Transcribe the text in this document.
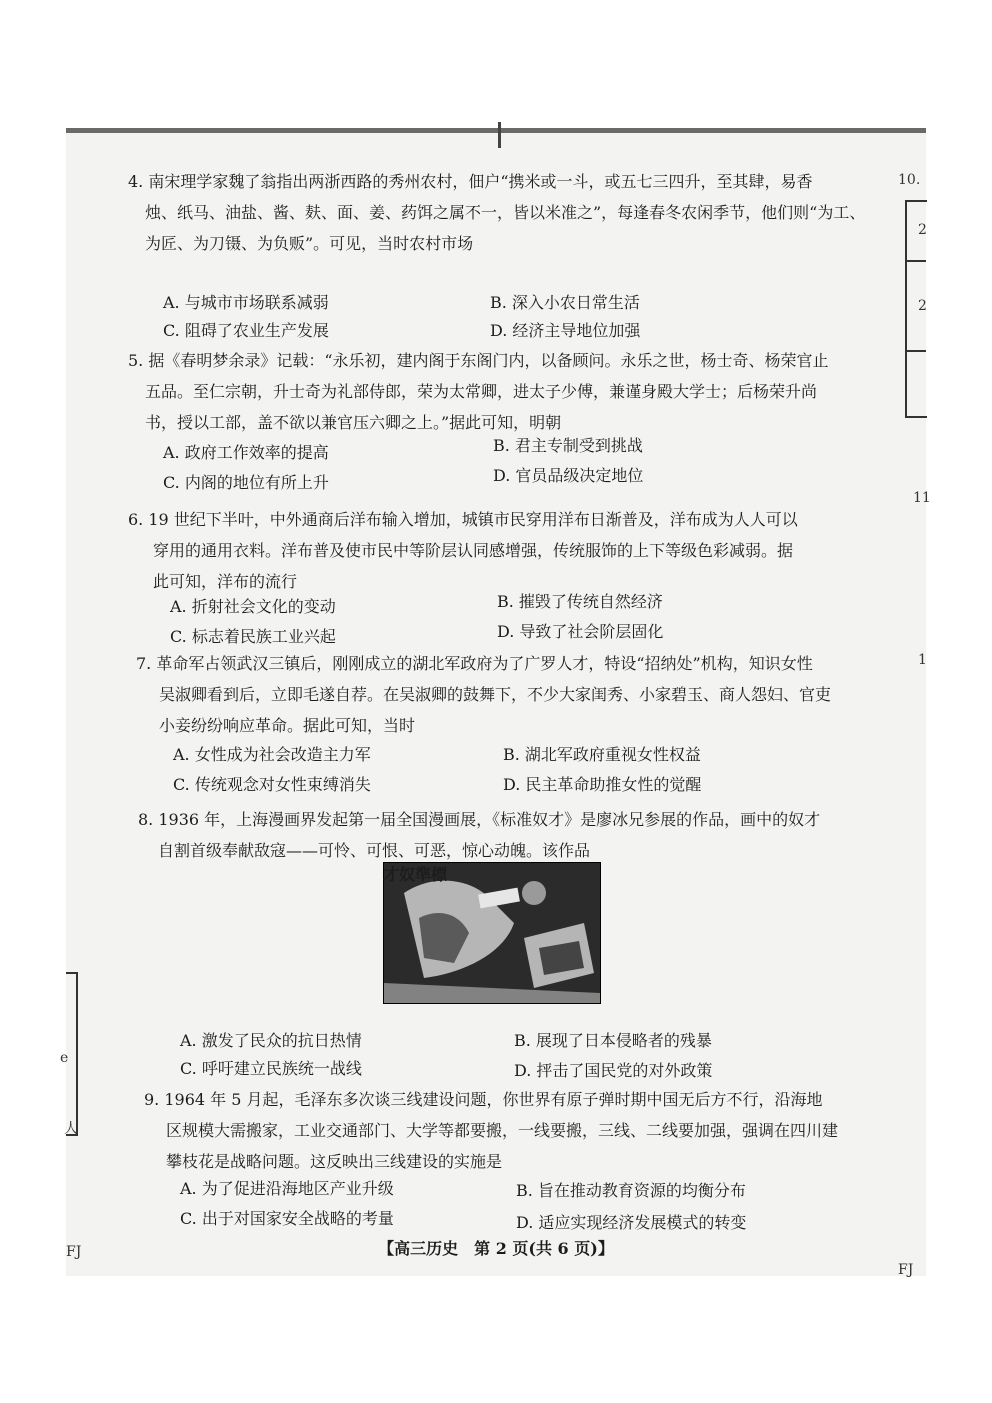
4. 南宋理学家魏了翁指出两浙西路的秀州农村，佃户“携米或一斗，或五七三四升，至其肆，易香
烛、纸马、油盐、酱、麸、面、姜、药饵之属不一，皆以米准之”，每逢春冬农闲季节，他们则“为工、
为匠、为刀镊、为负贩”。可见，当时农村市场
A. 与城市市场联系减弱	B. 深入小农日常生活
C. 阻碍了农业生产发展	D. 经济主导地位加强
5. 据《春明梦余录》记载：“永乐初，建内阁于东阁门内，以备顾问。永乐之世，杨士奇、杨荣官止
五品。至仁宗朝，升士奇为礼部侍郎，荣为太常卿，进太子少傅，兼谨身殿大学士；后杨荣升尚
书，授以工部，盖不欲以兼官压六卿之上。”据此可知，明朝
A. 政府工作效率的提高	B. 君主专制受到挑战
C. 内阁的地位有所上升	D. 官员品级决定地位
6. 19 世纪下半叶，中外通商后洋布输入增加，城镇市民穿用洋布日渐普及，洋布成为人人可以
穿用的通用衣料。洋布普及使市民中等阶层认同感增强，传统服饰的上下等级色彩减弱。据
此可知，洋布的流行
A. 折射社会文化的变动	B. 摧毁了传统自然经济
C. 标志着民族工业兴起	D. 导致了社会阶层固化
7. 革命军占领武汉三镇后，刚刚成立的湖北军政府为了广罗人才，特设“招纳处”机构，知识女性
吴淑卿看到后，立即毛遂自荐。在吴淑卿的鼓舞下，不少大家闺秀、小家碧玉、商人怨妇、官吏
小妾纷纷响应革命。据此可知，当时
A. 女性成为社会改造主力军	B. 湖北军政府重视女性权益
C. 传统观念对女性束缚消失	D. 民主革命助推女性的觉醒
8. 1936 年，上海漫画界发起第一届全国漫画展，《标准奴才》是廖冰兄参展的作品，画中的奴才
自割首级奉献敌寇——可怜、可恨、可恶，惊心动魄。该作品
才奴準標
A. 激发了民众的抗日热情	B. 展现了日本侵略者的残暴
C. 呼吁建立民族统一战线	D. 抨击了国民党的对外政策
9. 1964 年 5 月起，毛泽东多次谈三线建设问题，你世界有原子弹时期中国无后方不行，沿海地
区规模大需搬家，工业交通部门、大学等都要搬，一线要搬，三线、二线要加强，强调在四川建
攀枝花是战略问题。这反映出三线建设的实施是
A. 为了促进沿海地区产业升级	B. 旨在推动教育资源的均衡分布
C. 出于对国家安全战略的考量	D. 适应实现经济发展模式的转变
【高三历史　第 2 页(共 6 页)】
10.
2
2
11
1
e
人
FJ
FJ
